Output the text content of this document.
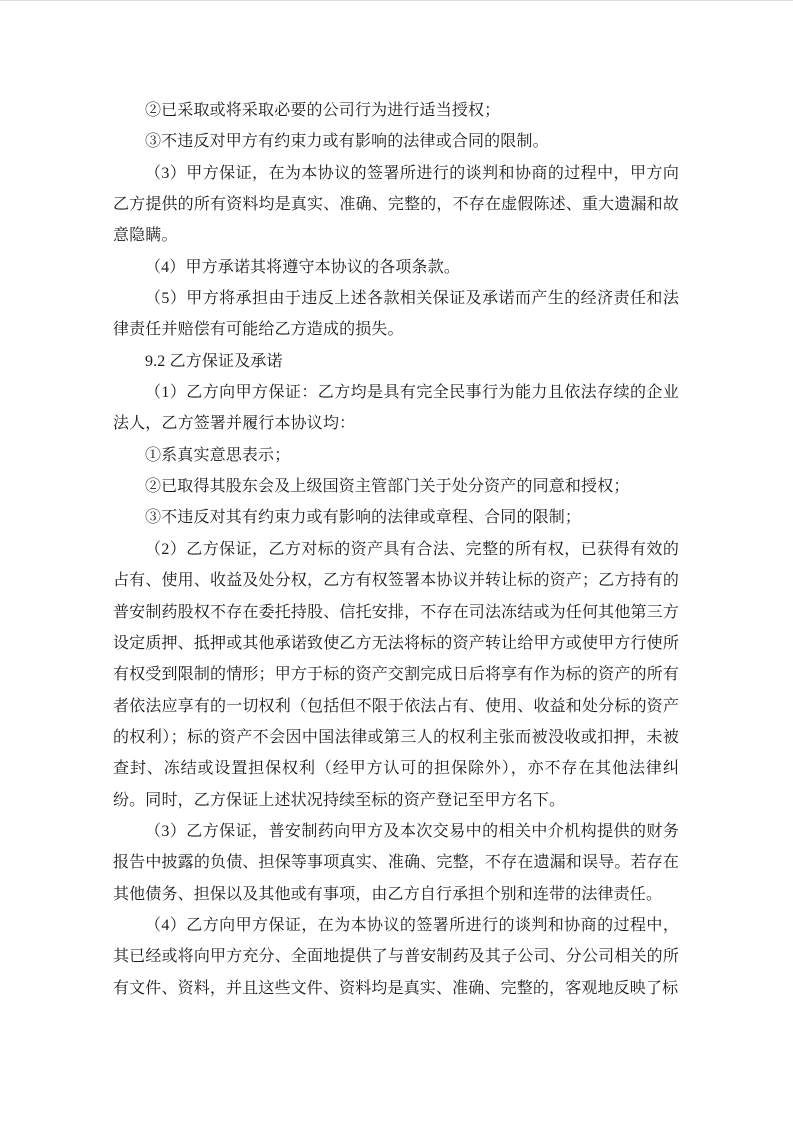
②已采取或将采取必要的公司行为进行适当授权；

③不违反对甲方有约束力或有影响的法律或合同的限制。

（3）甲方保证，在为本协议的签署所进行的谈判和协商的过程中，甲方向乙方提供的所有资料均是真实、准确、完整的，不存在虚假陈述、重大遗漏和故意隐瞒。

（4）甲方承诺其将遵守本协议的各项条款。

（5）甲方将承担由于违反上述各款相关保证及承诺而产生的经济责任和法律责任并赔偿有可能给乙方造成的损失。

9.2 乙方保证及承诺

（1）乙方向甲方保证：乙方均是具有完全民事行为能力且依法存续的企业法人，乙方签署并履行本协议均：

①系真实意思表示；

②已取得其股东会及上级国资主管部门关于处分资产的同意和授权；

③不违反对其有约束力或有影响的法律或章程、合同的限制；

（2）乙方保证，乙方对标的资产具有合法、完整的所有权，已获得有效的占有、使用、收益及处分权，乙方有权签署本协议并转让标的资产；乙方持有的普安制药股权不存在委托持股、信托安排，不存在司法冻结或为任何其他第三方设定质押、抵押或其他承诺致使乙方无法将标的资产转让给甲方或使甲方行使所有权受到限制的情形；甲方于标的资产交割完成日后将享有作为标的资产的所有者依法应享有的一切权利（包括但不限于依法占有、使用、收益和处分标的资产的权利）；标的资产不会因中国法律或第三人的权利主张而被没收或扣押，未被查封、冻结或设置担保权利（经甲方认可的担保除外），亦不存在其他法律纠纷。同时，乙方保证上述状况持续至标的资产登记至甲方名下。

（3）乙方保证，普安制药向甲方及本次交易中的相关中介机构提供的财务报告中披露的负债、担保等事项真实、准确、完整，不存在遗漏和误导。若存在其他债务、担保以及其他或有事项，由乙方自行承担个别和连带的法律责任。

（4）乙方向甲方保证，在为本协议的签署所进行的谈判和协商的过程中，其已经或将向甲方充分、全面地提供了与普安制药及其子公司、分公司相关的所有文件、资料，并且这些文件、资料均是真实、准确、完整的，客观地反映了标
